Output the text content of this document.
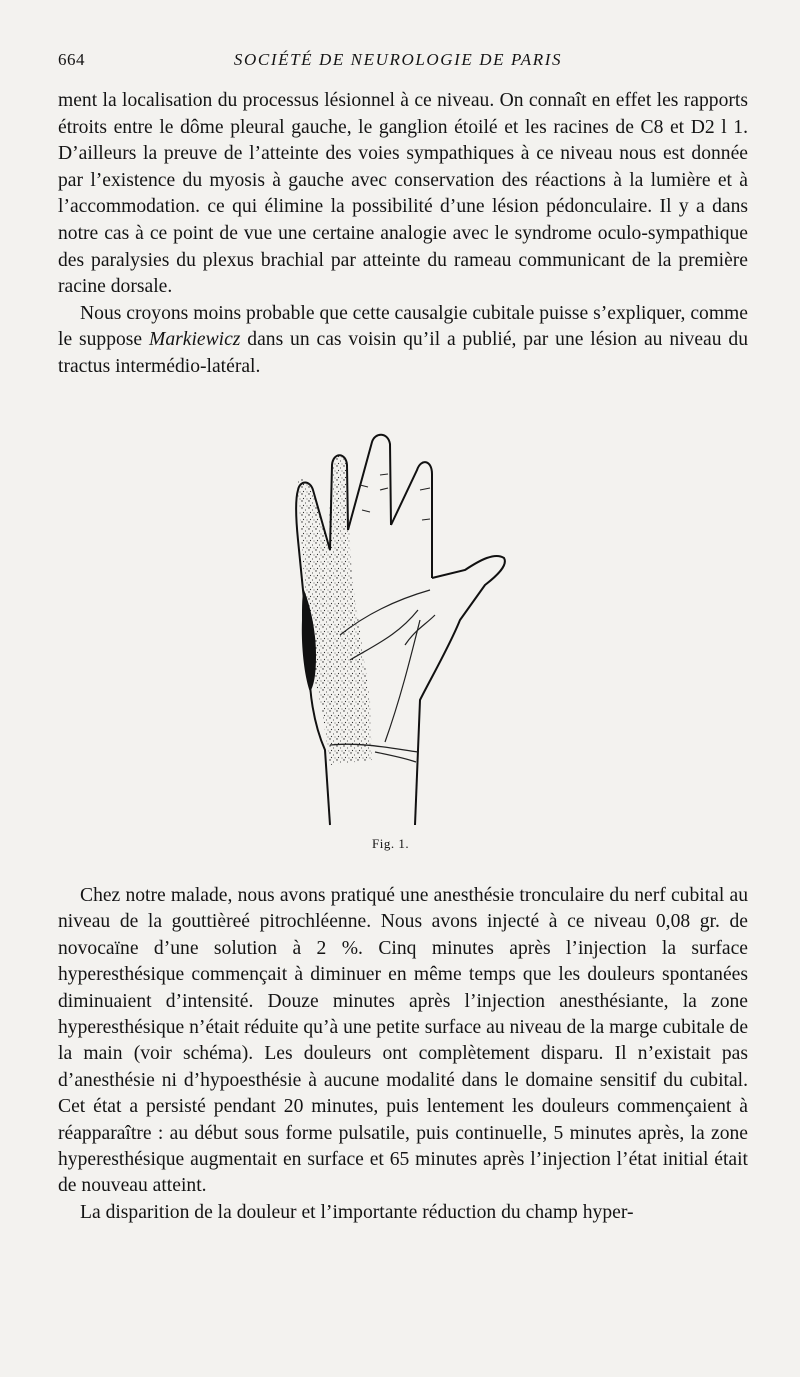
664	SOCIÉTÉ DE NEUROLOGIE DE PARIS

ment la localisation du processus lésionnel à ce niveau. On connaît en effet les rapports étroits entre le dôme pleural gauche, le ganglion étoilé et les racines de C8 et D2 l 1. D’ailleurs la preuve de l’atteinte des voies sympathiques à ce niveau nous est donnée par l’existence du myosis à gauche avec conservation des réactions à la lumière et à l’accommodation. ce qui élimine la possibilité d’une lésion pédonculaire. Il y a dans notre cas à ce point de vue une certaine analogie avec le syndrome oculo-sympathique des paralysies du plexus brachial par atteinte du rameau communicant de la première racine dorsale.

Nous croyons moins probable que cette causalgie cubitale puisse s’expliquer, comme le suppose Markiewicz dans un cas voisin qu’il a publié, par une lésion au niveau du tractus intermédio-latéral.

Fig. 1.

Chez notre malade, nous avons pratiqué une anesthésie tronculaire du nerf cubital au niveau de la gouttièreé pitrochléenne. Nous avons injecté à ce niveau 0,08 gr. de novocaïne d’une solution à 2 %. Cinq minutes après l’injection la surface hyperesthésique commençait à diminuer en même temps que les douleurs spontanées diminuaient d’intensité. Douze minutes après l’injection anesthésiante, la zone hyperesthésique n’était réduite qu’à une petite surface au niveau de la marge cubitale de la main (voir schéma). Les douleurs ont complètement disparu. Il n’existait pas d’anesthésie ni d’hypoesthésie à aucune modalité dans le domaine sensitif du cubital. Cet état a persisté pendant 20 minutes, puis lentement les douleurs commençaient à réapparaître : au début sous forme pulsatile, puis continuelle, 5 minutes après, la zone hyperesthésique augmentait en surface et 65 minutes après l’injection l’état initial était de nouveau atteint.

La disparition de la douleur et l’importante réduction du champ hyper-
